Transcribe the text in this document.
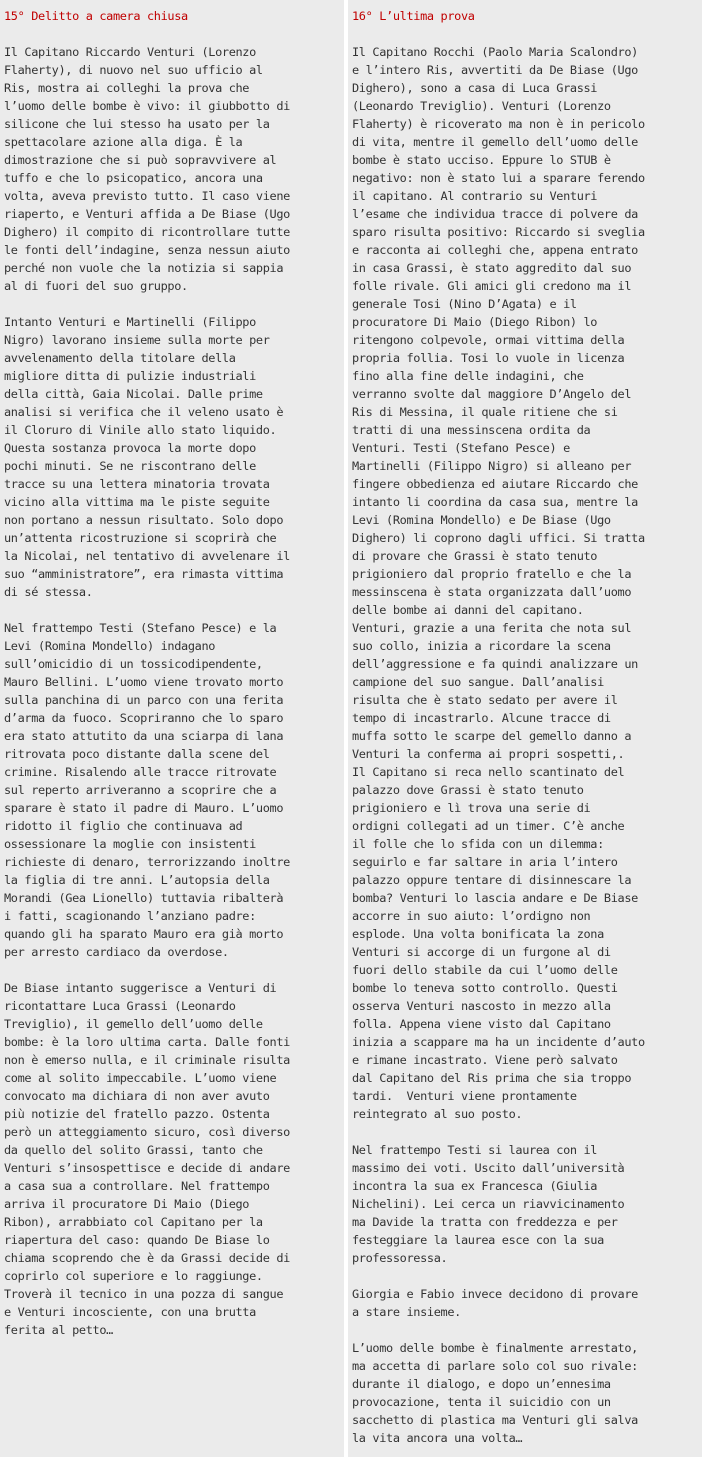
15° Delitto a camera chiusa
Il Capitano Riccardo Venturi (Lorenzo
Flaherty), di nuovo nel suo ufficio al
Ris, mostra ai colleghi la prova che
l’uomo delle bombe è vivo: il giubbotto di
silicone che lui stesso ha usato per la
spettacolare azione alla diga. È la
dimostrazione che si può sopravvivere al
tuffo e che lo psicopatico, ancora una
volta, aveva previsto tutto. Il caso viene
riaperto, e Venturi affida a De Biase (Ugo
Dighero) il compito di ricontrollare tutte
le fonti dell’indagine, senza nessun aiuto
perché non vuole che la notizia si sappia
al di fuori del suo gruppo.
Intanto Venturi e Martinelli (Filippo
Nigro) lavorano insieme sulla morte per
avvelenamento della titolare della
migliore ditta di pulizie industriali
della città, Gaia Nicolai. Dalle prime
analisi si verifica che il veleno usato è
il Cloruro di Vinile allo stato liquido.
Questa sostanza provoca la morte dopo
pochi minuti. Se ne riscontrano delle
tracce su una lettera minatoria trovata
vicino alla vittima ma le piste seguite
non portano a nessun risultato. Solo dopo
un’attenta ricostruzione si scoprirà che
la Nicolai, nel tentativo di avvelenare il
suo “amministratore”, era rimasta vittima
di sé stessa.
Nel frattempo Testi (Stefano Pesce) e la
Levi (Romina Mondello) indagano
sull’omicidio di un tossicodipendente,
Mauro Bellini. L’uomo viene trovato morto
sulla panchina di un parco con una ferita
d’arma da fuoco. Scopriranno che lo sparo
era stato attutito da una sciarpa di lana
ritrovata poco distante dalla scene del
crimine. Risalendo alle tracce ritrovate
sul reperto arriveranno a scoprire che a
sparare è stato il padre di Mauro. L’uomo
ridotto il figlio che continuava ad
ossessionare la moglie con insistenti
richieste di denaro, terrorizzando inoltre
la figlia di tre anni. L’autopsia della
Morandi (Gea Lionello) tuttavia ribalterà
i fatti, scagionando l’anziano padre:
quando gli ha sparato Mauro era già morto
per arresto cardiaco da overdose.
De Biase intanto suggerisce a Venturi di
ricontattare Luca Grassi (Leonardo
Treviglio), il gemello dell’uomo delle
bombe: è la loro ultima carta. Dalle fonti
non è emerso nulla, e il criminale risulta
come al solito impeccabile. L’uomo viene
convocato ma dichiara di non aver avuto
più notizie del fratello pazzo. Ostenta
però un atteggiamento sicuro, così diverso
da quello del solito Grassi, tanto che
Venturi s’insospettisce e decide di andare
a casa sua a controllare. Nel frattempo
arriva il procuratore Di Maio (Diego
Ribon), arrabbiato col Capitano per la
riapertura del caso: quando De Biase lo
chiama scoprendo che è da Grassi decide di
coprirlo col superiore e lo raggiunge.
Troverà il tecnico in una pozza di sangue
e Venturi incosciente, con una brutta
ferita al petto…
16° L’ultima prova
Il Capitano Rocchi (Paolo Maria Scalondro)
e l’intero Ris, avvertiti da De Biase (Ugo
Dighero), sono a casa di Luca Grassi
(Leonardo Treviglio). Venturi (Lorenzo
Flaherty) è ricoverato ma non è in pericolo
di vita, mentre il gemello dell’uomo delle
bombe è stato ucciso. Eppure lo STUB è
negativo: non è stato lui a sparare ferendo
il capitano. Al contrario su Venturi
l’esame che individua tracce di polvere da
sparo risulta positivo: Riccardo si sveglia
e racconta ai colleghi che, appena entrato
in casa Grassi, è stato aggredito dal suo
folle rivale. Gli amici gli credono ma il
generale Tosi (Nino D’Agata) e il
procuratore Di Maio (Diego Ribon) lo
ritengono colpevole, ormai vittima della
propria follia. Tosi lo vuole in licenza
fino alla fine delle indagini, che
verranno svolte dal maggiore D’Angelo del
Ris di Messina, il quale ritiene che si
tratti di una messinscena ordita da
Venturi. Testi (Stefano Pesce) e
Martinelli (Filippo Nigro) si alleano per
fingere obbedienza ed aiutare Riccardo che
intanto li coordina da casa sua, mentre la
Levi (Romina Mondello) e De Biase (Ugo
Dighero) li coprono dagli uffici. Si tratta
di provare che Grassi è stato tenuto
prigioniero dal proprio fratello e che la
messinscena è stata organizzata dall’uomo
delle bombe ai danni del capitano.
Venturi, grazie a una ferita che nota sul
suo collo, inizia a ricordare la scena
dell’aggressione e fa quindi analizzare un
campione del suo sangue. Dall’analisi
risulta che è stato sedato per avere il
tempo di incastrarlo. Alcune tracce di
muffa sotto le scarpe del gemello danno a
Venturi la conferma ai propri sospetti,.
Il Capitano si reca nello scantinato del
palazzo dove Grassi è stato tenuto
prigioniero e lì trova una serie di
ordigni collegati ad un timer. C’è anche
il folle che lo sfida con un dilemma:
seguirlo e far saltare in aria l’intero
palazzo oppure tentare di disinnescare la
bomba? Venturi lo lascia andare e De Biase
accorre in suo aiuto: l’ordigno non
esplode. Una volta bonificata la zona
Venturi si accorge di un furgone al di
fuori dello stabile da cui l’uomo delle
bombe lo teneva sotto controllo. Questi
osserva Venturi nascosto in mezzo alla
folla. Appena viene visto dal Capitano
inizia a scappare ma ha un incidente d’auto
e rimane incastrato. Viene però salvato
dal Capitano del Ris prima che sia troppo
tardi.  Venturi viene prontamente
reintegrato al suo posto.
Nel frattempo Testi si laurea con il
massimo dei voti. Uscito dall’università
incontra la sua ex Francesca (Giulia
Nichelini). Lei cerca un riavvicinamento
ma Davide la tratta con freddezza e per
festeggiare la laurea esce con la sua
professoressa.
Giorgia e Fabio invece decidono di provare
a stare insieme.
L’uomo delle bombe è finalmente arrestato,
ma accetta di parlare solo col suo rivale:
durante il dialogo, e dopo un’ennesima
provocazione, tenta il suicidio con un
sacchetto di plastica ma Venturi gli salva
la vita ancora una volta…
